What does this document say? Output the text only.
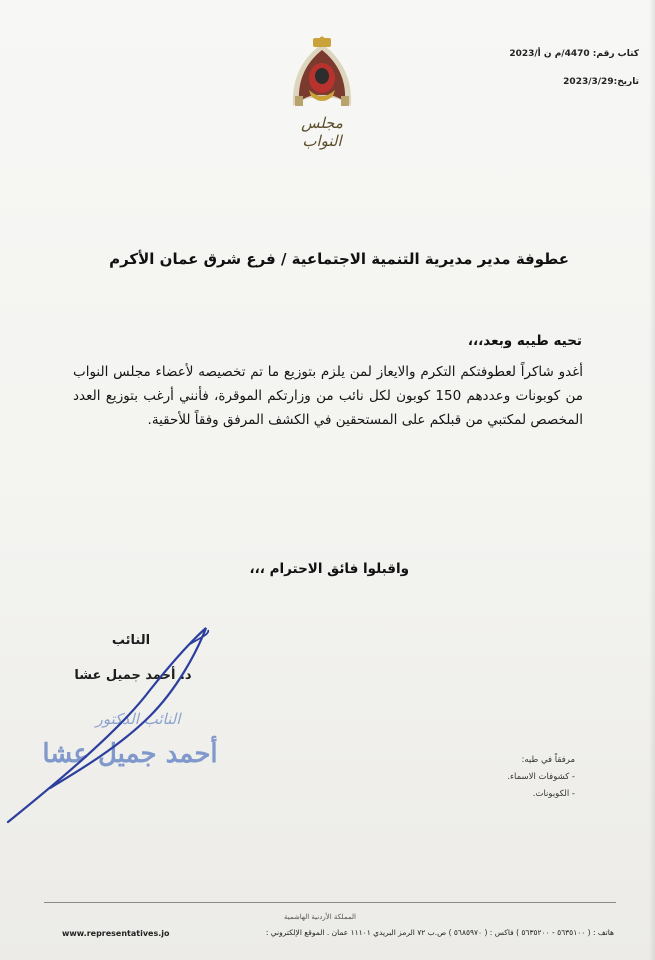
مجلس النواب
كتاب رقم: 4470/م ن أ/2023
تاريخ:2023/3/29
عطوفة مدير مديرية التنمية الاجتماعية / فرع شرق عمان الأكرم
تحيه طيبه وبعد،،،
أغدو شاكراً لعطوفتكم التكرم والايعاز لمن يلزم بتوزيع ما تم تخصيصه لأعضاء مجلس النواب من كوبونات وعددهم 150 كوبون لكل نائب من وزارتكم الموقرة، فأنني أرغب بتوزيع العدد المخصص لمكتبي من قبلكم على المستحقين في الكشف المرفق وفقاً للأحقية.
واقبلوا فائق الاحترام ،،،
النائب
د. أحمد جميل عشا
النائب الدكتور
أحمد جميل عشا	مرفقاً في طيه:
- كشوفات الاسماء.
- الكوبونات.
المملكة الأردنية الهاشمية
هاتف : ( ٥٦٣٥١٠٠ - ٥٦٣٥٢٠٠ ) فاكس : ( ٥٦٨٥٩٧٠ ) ص.ب ٧٢ الرمز البريدي ١١١٠١ عمان . الموقع الإلكتروني :
www.representatives.jo
